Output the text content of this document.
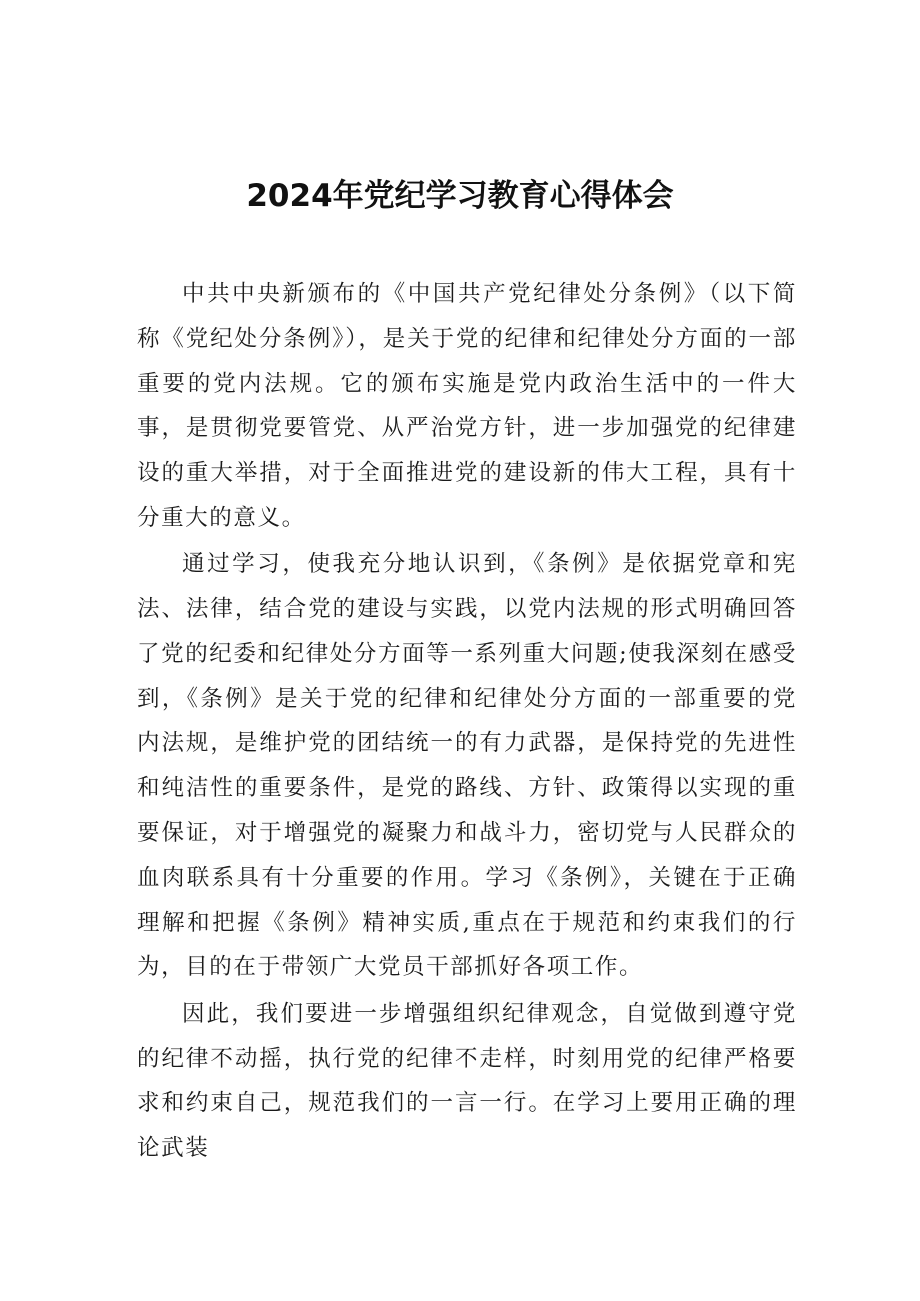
2024年党纪学习教育心得体会

中共中央新颁布的《中国共产党纪律处分条例》（以下简称《党纪处分条例》），是关于党的纪律和纪律处分方面的一部重要的党内法规。它的颁布实施是党内政治生活中的一件大事，是贯彻党要管党、从严治党方针，进一步加强党的纪律建设的重大举措，对于全面推进党的建设新的伟大工程，具有十分重大的意义。

通过学习，使我充分地认识到，《条例》是依据党章和宪法、法律，结合党的建设与实践，以党内法规的形式明确回答了党的纪委和纪律处分方面等一系列重大问题;使我深刻在感受到，《条例》是关于党的纪律和纪律处分方面的一部重要的党内法规，是维护党的团结统一的有力武器，是保持党的先进性和纯洁性的重要条件，是党的路线、方针、政策得以实现的重要保证，对于增强党的凝聚力和战斗力，密切党与人民群众的血肉联系具有十分重要的作用。学习《条例》，关键在于正确理解和把握《条例》精神实质,重点在于规范和约束我们的行为，目的在于带领广大党员干部抓好各项工作。

因此，我们要进一步增强组织纪律观念，自觉做到遵守党的纪律不动摇，执行党的纪律不走样，时刻用党的纪律严格要求和约束自己，规范我们的一言一行。在学习上要用正确的理论武装
